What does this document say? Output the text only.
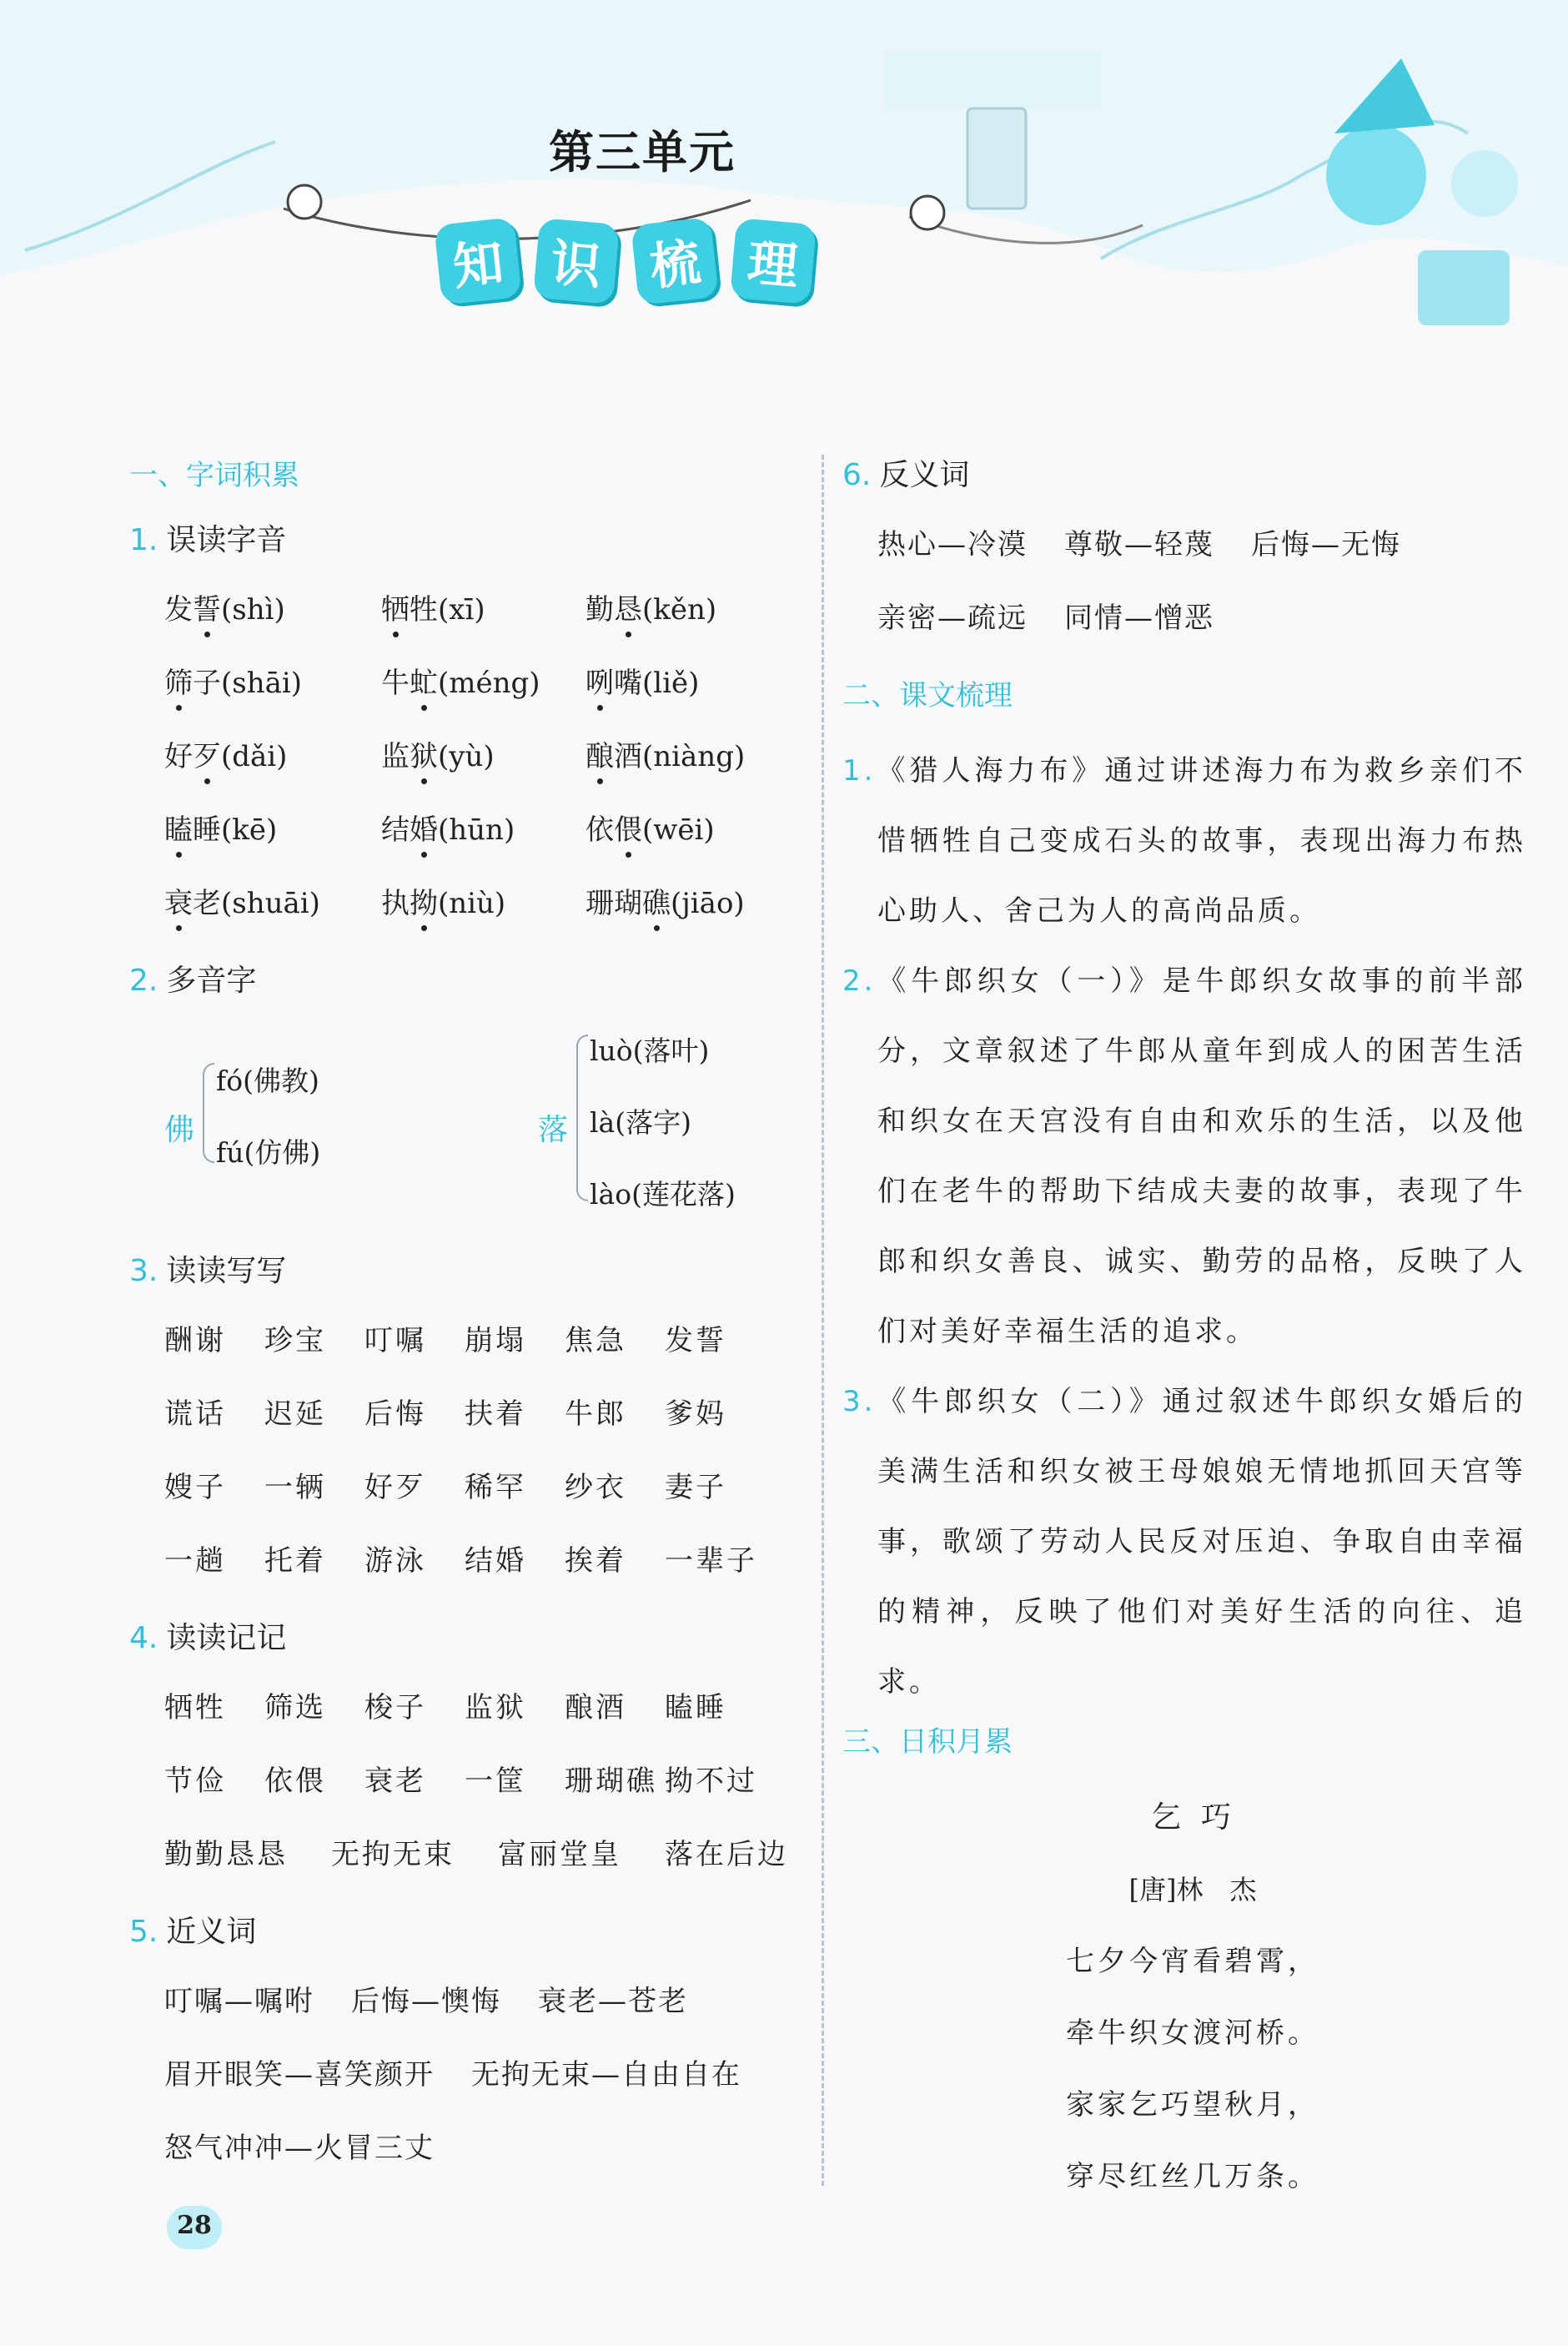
第三单元
知 识 梳 理
一、字词积累
1. 误读字音
发誓(shì)	牺牲(xī)	勤恳(kěn)
筛子(shāi)	牛虻(méng)	咧嘴(liě)
好歹(dǎi)	监狱(yù)	酿酒(niàng)
瞌睡(kē)	结婚(hūn)	依偎(wēi)
衰老(shuāi)	执拗(niù)	珊瑚礁(jiāo)
2. 多音字
佛
fó(佛教)
fú(仿佛)
落
luò(落叶)
là(落字)
lào(莲花落)
3. 读读写写
酬谢	珍宝	叮嘱	崩塌	焦急	发誓
谎话	迟延	后悔	扶着	牛郎	爹妈
嫂子	一辆	好歹	稀罕	纱衣	妻子
一趟	托着	游泳	结婚	挨着	一辈子
4. 读读记记
牺牲	筛选	梭子	监狱	酿酒	瞌睡
节俭	依偎	衰老	一筐	珊瑚礁 拗不过
勤勤恳恳	无拘无束	富丽堂皇	落在后边
5. 近义词
叮嘱—嘱咐 后悔—懊悔 衰老—苍老
眉开眼笑—喜笑颜开 无拘无束—自由自在
怒气冲冲—火冒三丈
6. 反义词
热心—冷漠 尊敬—轻蔑 后悔—无悔
亲密—疏远 同情—憎恶
二、课文梳理
1.《猎人海力布》通过讲述海力布为救乡亲们不惜牺牲自己变成石头的故事，表现出海力布热心助人、舍己为人的高尚品质。
2.《牛郎织女（一）》是牛郎织女故事的前半部分，文章叙述了牛郎从童年到成人的困苦生活和织女在天宫没有自由和欢乐的生活，以及他们在老牛的帮助下结成夫妻的故事，表现了牛郎和织女善良、诚实、勤劳的品格，反映了人们对美好幸福生活的追求。
3.《牛郎织女（二）》通过叙述牛郎织女婚后的美满生活和织女被王母娘娘无情地抓回天宫等事，歌颂了劳动人民反对压迫、争取自由幸福的精神，反映了他们对美好生活的向往、追求。
三、日积月累
乞巧
[唐]林　杰
七夕今宵看碧霄，
牵牛织女渡河桥。
家家乞巧望秋月，
穿尽红丝几万条。
28
